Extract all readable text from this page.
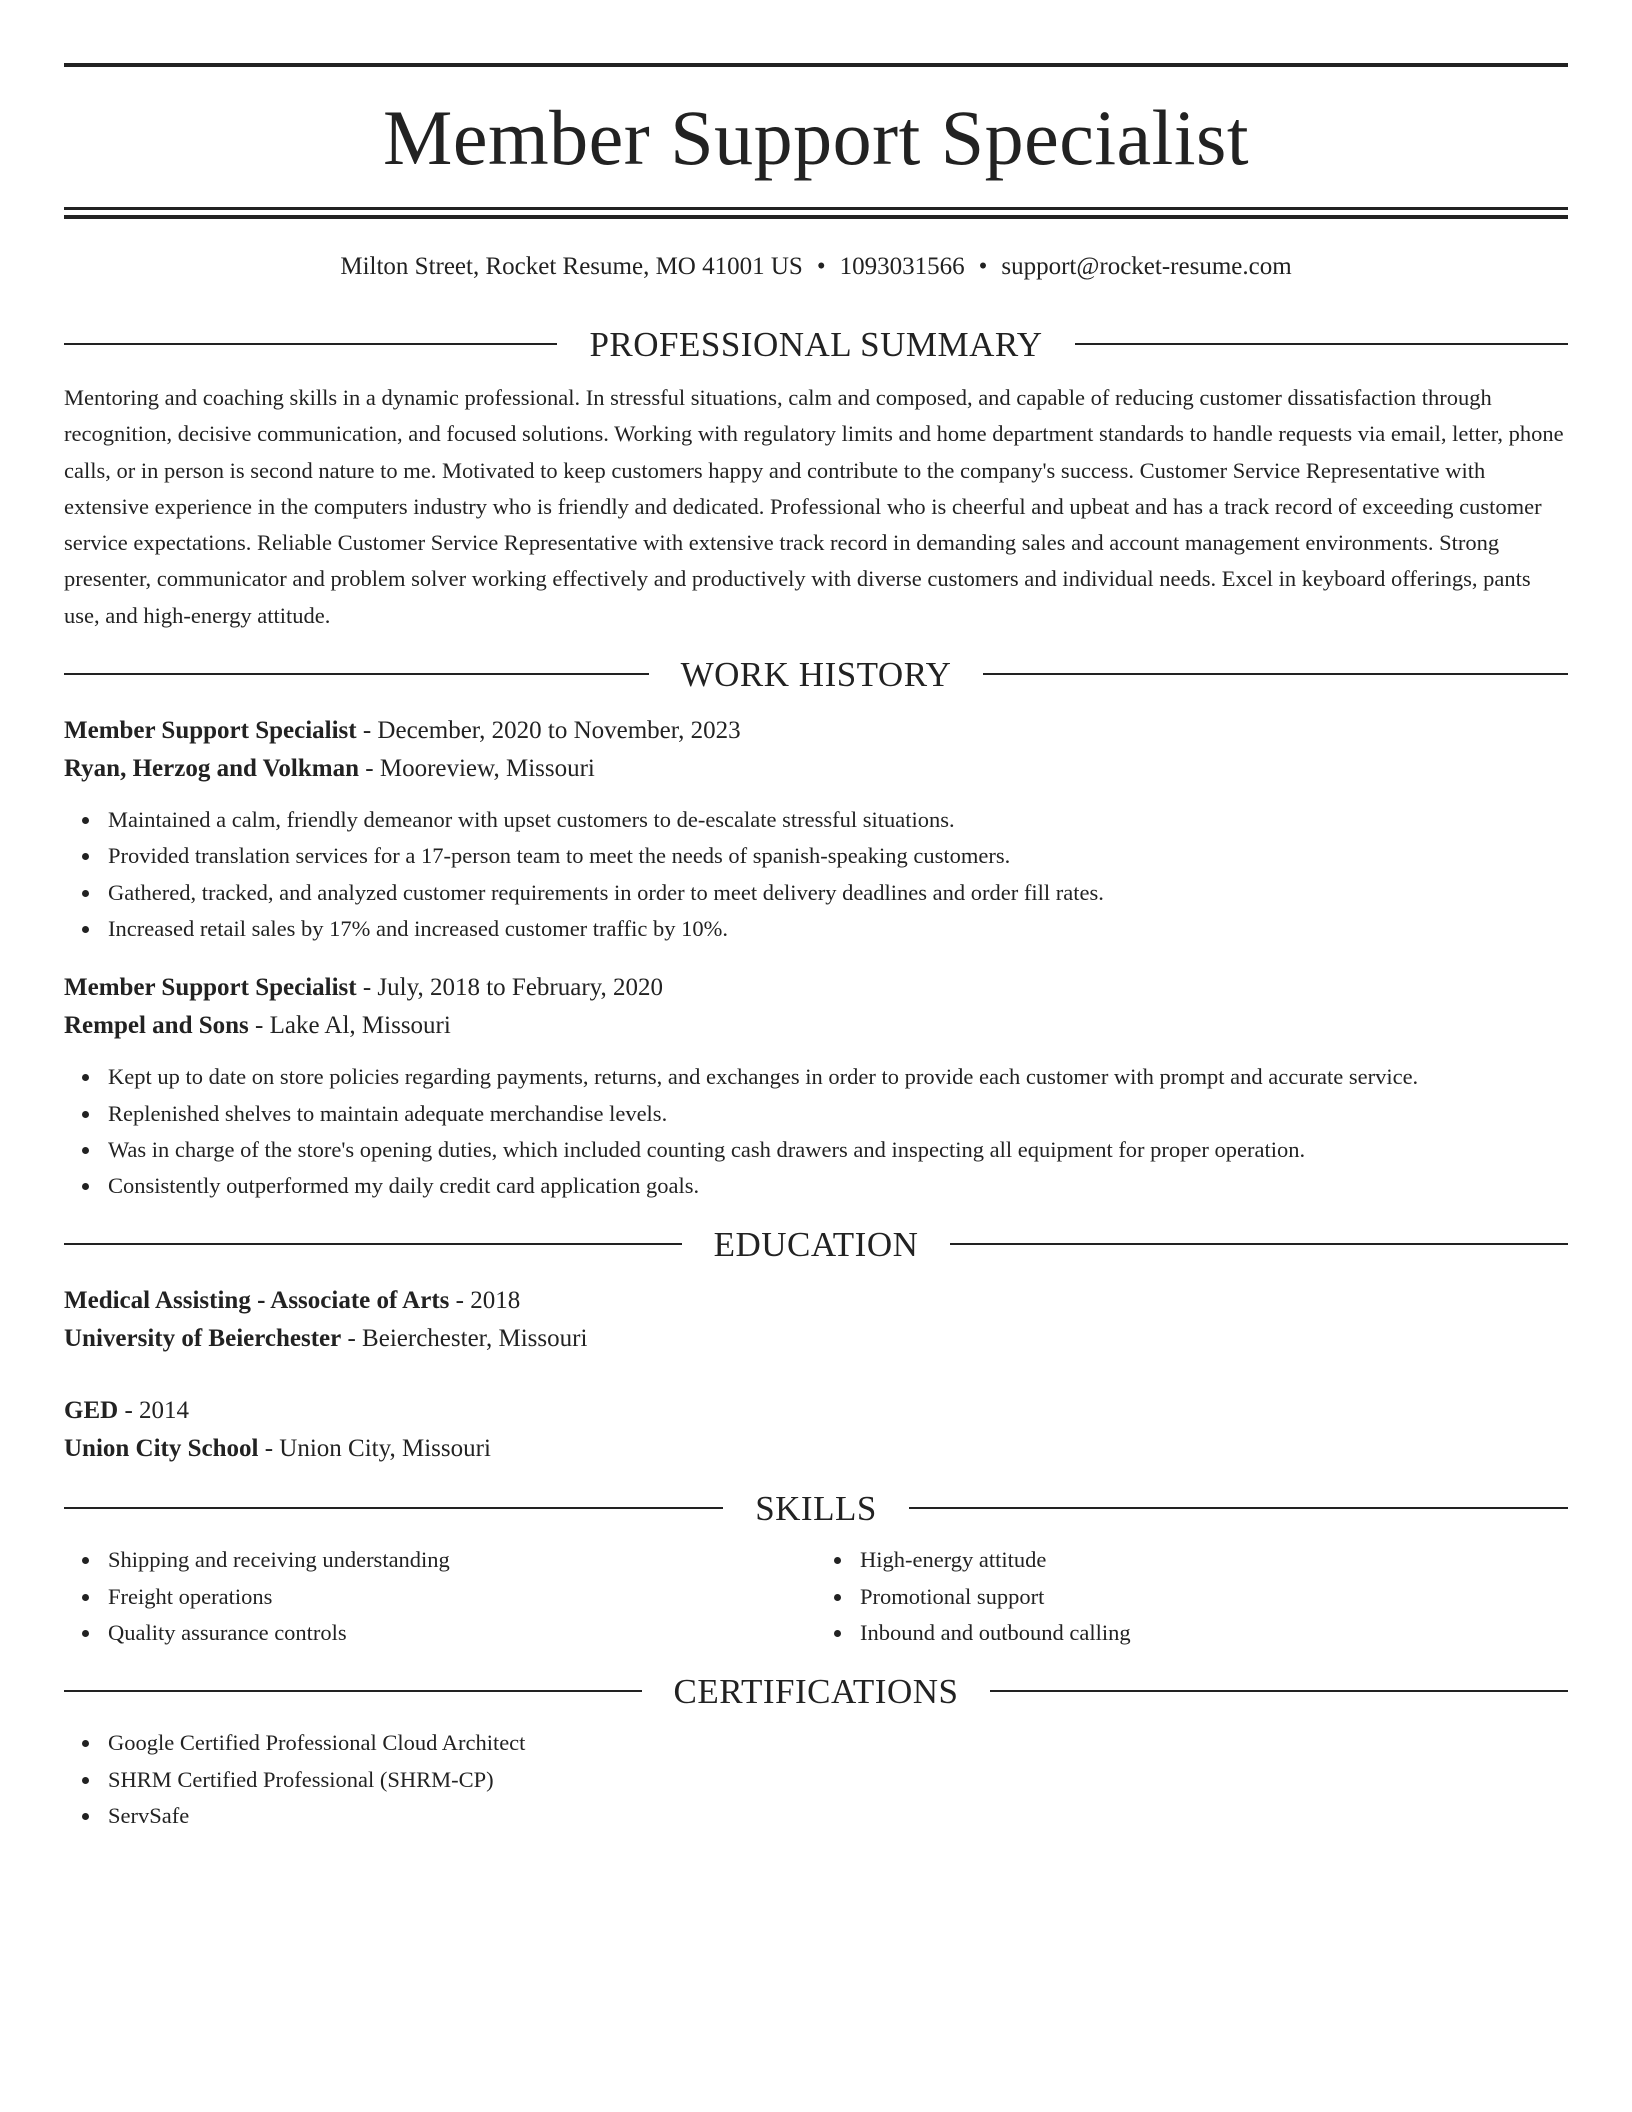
Member Support Specialist
Milton Street, Rocket Resume, MO 41001 US • 1093031566 • support@rocket-resume.com
PROFESSIONAL SUMMARY

Mentoring and coaching skills in a dynamic professional. In stressful situations, calm and composed, and capable of reducing customer dissatisfaction through recognition, decisive communication, and focused solutions. Working with regulatory limits and home department standards to handle requests via email, letter, phone calls, or in person is second nature to me. Motivated to keep customers happy and contribute to the company's success. Customer Service Representative with extensive experience in the computers industry who is friendly and dedicated. Professional who is cheerful and upbeat and has a track record of exceeding customer service expectations. Reliable Customer Service Representative with extensive track record in demanding sales and account management environments. Strong presenter, communicator and problem solver working effectively and productively with diverse customers and individual needs. Excel in keyboard offerings, pants use, and high-energy attitude.

WORK HISTORY
Member Support Specialist - December, 2020 to November, 2023
Ryan, Herzog and Volkman - Mooreview, Missouri
Maintained a calm, friendly demeanor with upset customers to de-escalate stressful situations.
Provided translation services for a 17-person team to meet the needs of spanish-speaking customers.
Gathered, tracked, and analyzed customer requirements in order to meet delivery deadlines and order fill rates.
Increased retail sales by 17% and increased customer traffic by 10%.
Member Support Specialist - July, 2018 to February, 2020
Rempel and Sons - Lake Al, Missouri
Kept up to date on store policies regarding payments, returns, and exchanges in order to provide each customer with prompt and accurate service.
Replenished shelves to maintain adequate merchandise levels.
Was in charge of the store's opening duties, which included counting cash drawers and inspecting all equipment for proper operation.
Consistently outperformed my daily credit card application goals.
EDUCATION
Medical Assisting - Associate of Arts - 2018
University of Beierchester - Beierchester, Missouri
GED - 2014
Union City School - Union City, Missouri
SKILLS
Shipping and receiving understanding
Freight operations
Quality assurance controls
High-energy attitude
Promotional support
Inbound and outbound calling
CERTIFICATIONS
Google Certified Professional Cloud Architect
SHRM Certified Professional (SHRM-CP)
ServSafe
